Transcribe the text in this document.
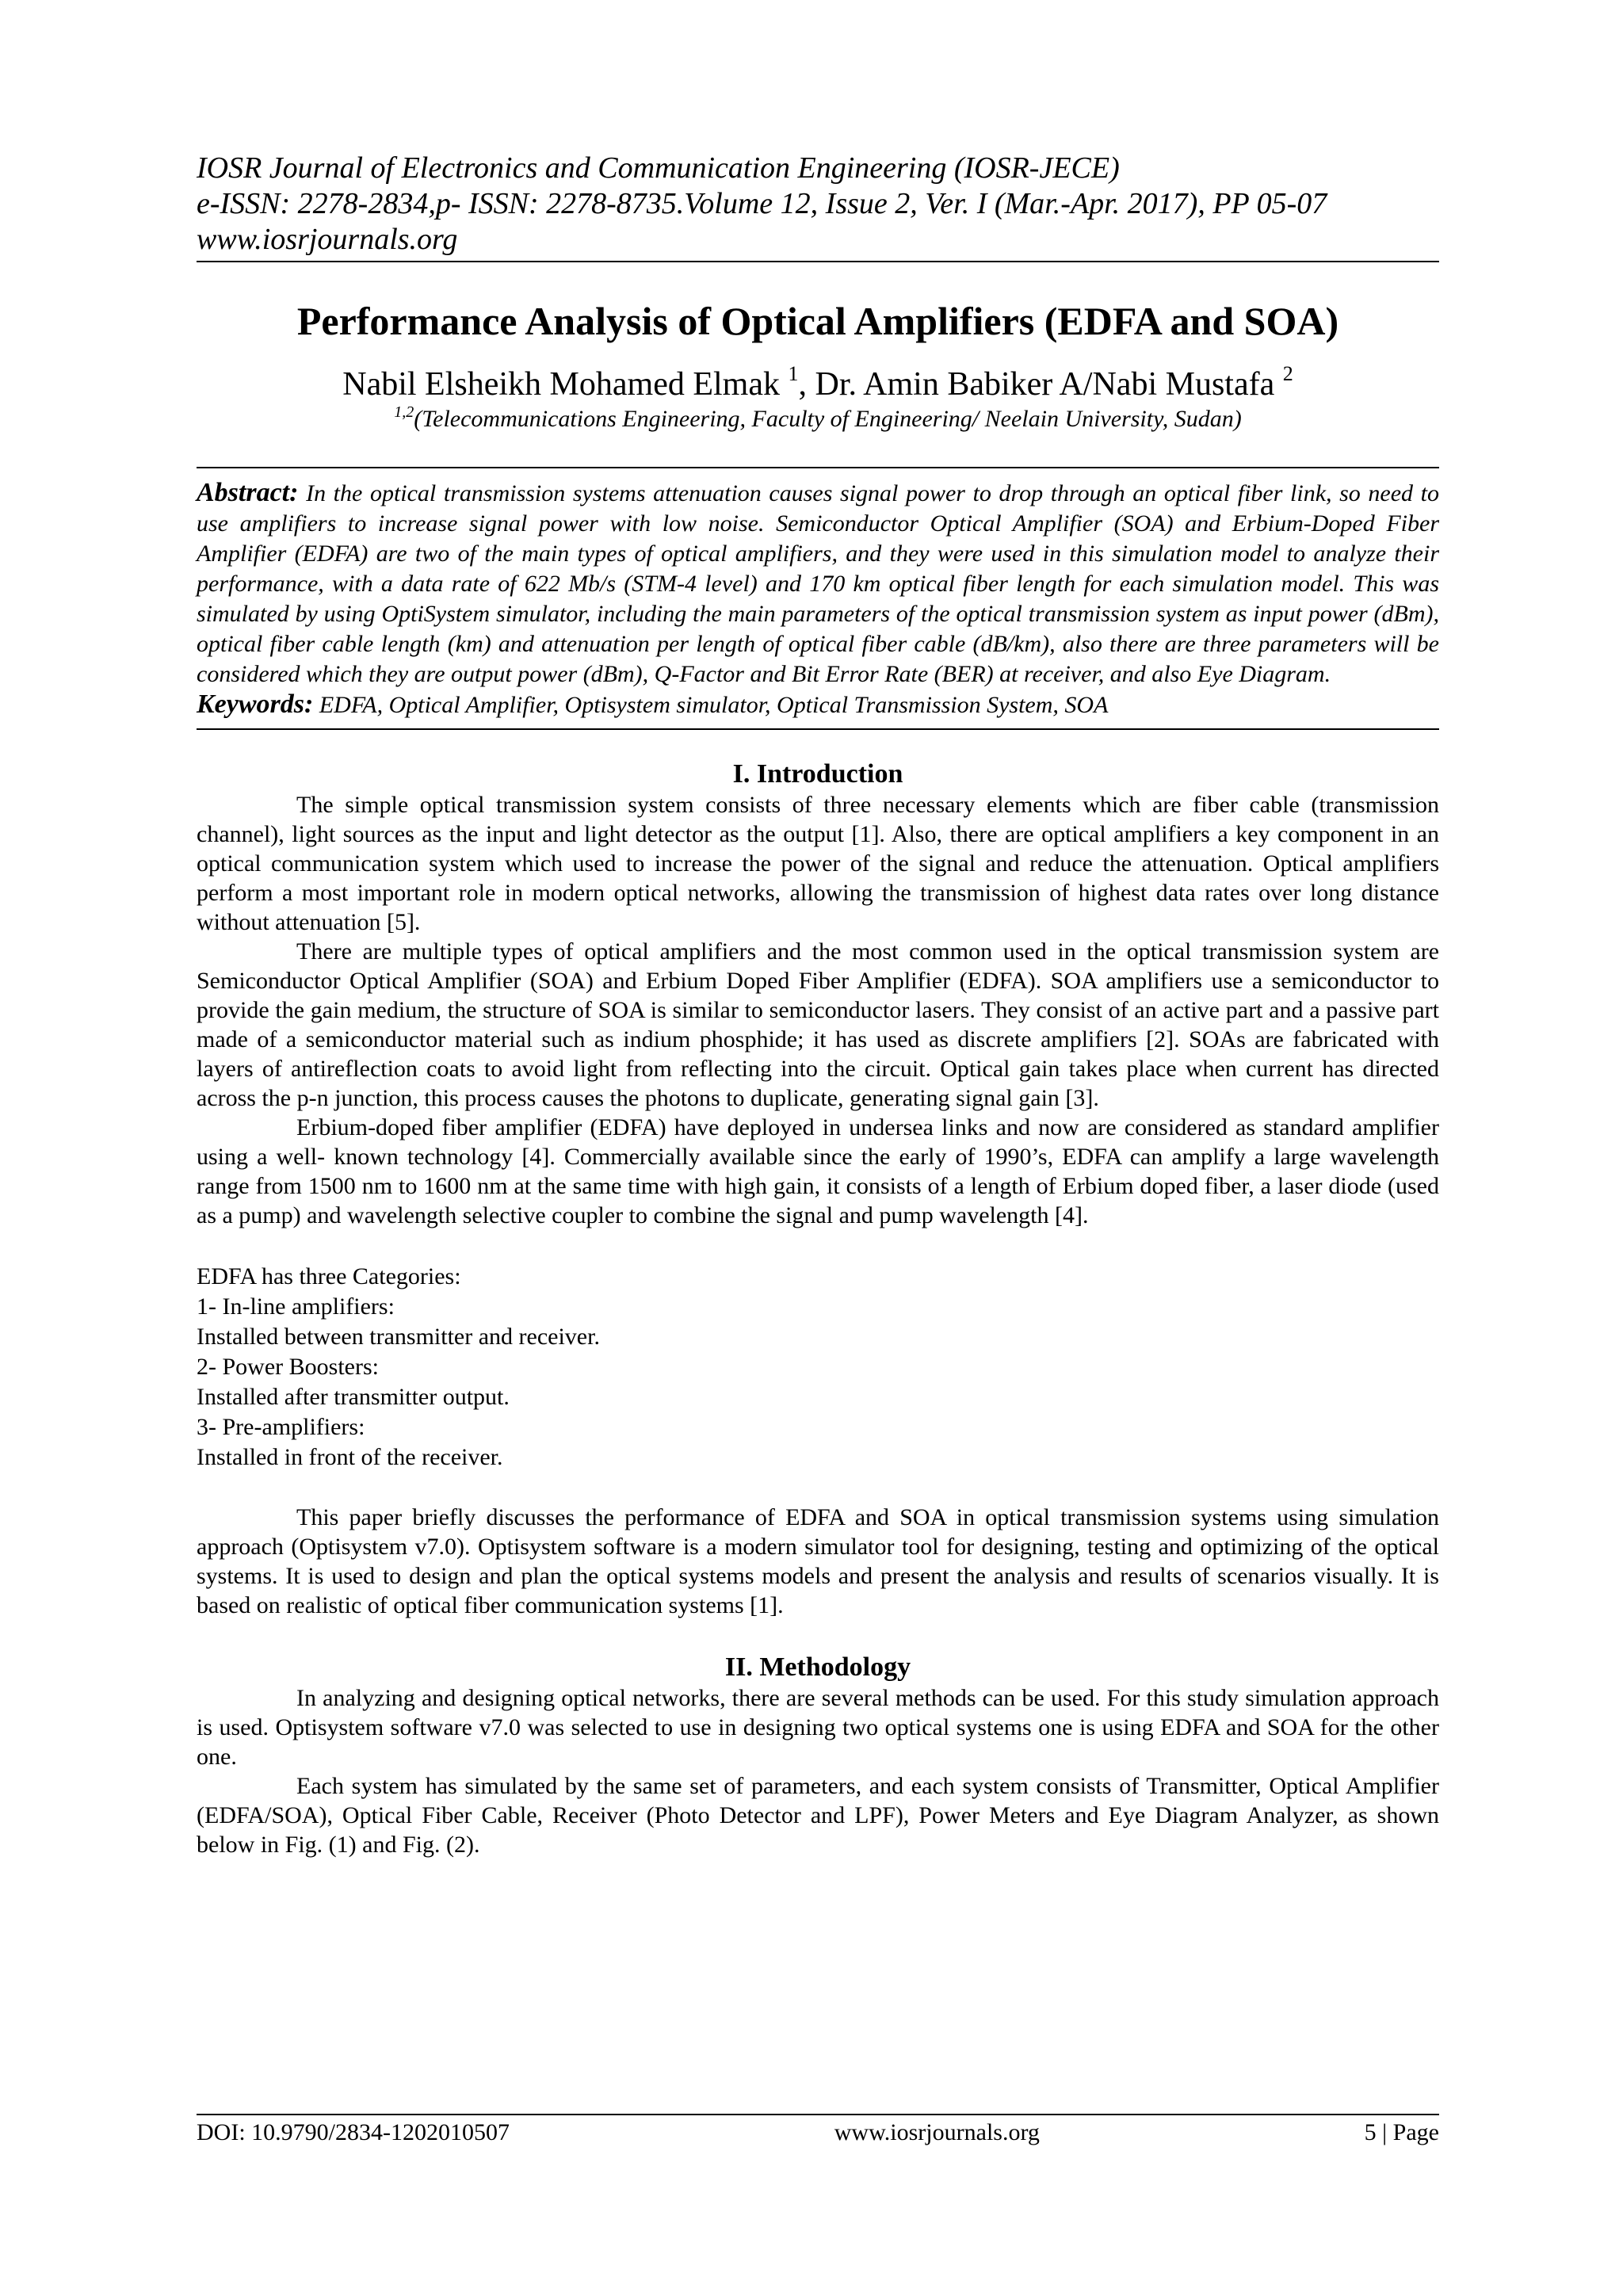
IOSR Journal of Electronics and Communication Engineering (IOSR-JECE)
e-ISSN: 2278-2834,p- ISSN: 2278-8735.Volume 12, Issue 2, Ver. I (Mar.-Apr. 2017), PP 05-07
www.iosrjournals.org
Performance Analysis of Optical Amplifiers (EDFA and SOA)
Nabil Elsheikh Mohamed Elmak $^1$, Dr. Amin Babiker A/Nabi Mustafa $^2$
$^{1,2}$(Telecommunications Engineering, Faculty of Engineering/ Neelain University, Sudan)

Abstract: In the optical transmission systems attenuation causes signal power to drop through an optical fiber link, so need to use amplifiers to increase signal power with low noise. Semiconductor Optical Amplifier (SOA) and Erbium-Doped Fiber Amplifier (EDFA) are two of the main types of optical amplifiers, and they were used in this simulation model to analyze their performance, with a data rate of 622 Mb/s (STM-4 level) and 170 km optical fiber length for each simulation model. This was simulated by using OptiSystem simulator, including the main parameters of the optical transmission system as input power (dBm), optical fiber cable length (km) and attenuation per length of optical fiber cable (dB/km), also there are three parameters will be considered which they are output power (dBm), Q-Factor and Bit Error Rate (BER) at receiver, and also Eye Diagram.

Keywords: EDFA, Optical Amplifier, Optisystem simulator, Optical Transmission System, SOA

I. Introduction

The simple optical transmission system consists of three necessary elements which are fiber cable (transmission channel), light sources as the input and light detector as the output [1]. Also, there are optical amplifiers a key component in an optical communication system which used to increase the power of the signal and reduce the attenuation. Optical amplifiers perform a most important role in modern optical networks, allowing the transmission of highest data rates over long distance without attenuation [5].

There are multiple types of optical amplifiers and the most common used in the optical transmission system are Semiconductor Optical Amplifier (SOA) and Erbium Doped Fiber Amplifier (EDFA). SOA amplifiers use a semiconductor to provide the gain medium, the structure of SOA is similar to semiconductor lasers. They consist of an active part and a passive part made of a semiconductor material such as indium phosphide; it has used as discrete amplifiers [2]. SOAs are fabricated with layers of antireflection coats to avoid light from reflecting into the circuit. Optical gain takes place when current has directed across the p-n junction, this process causes the photons to duplicate, generating signal gain [3].

Erbium-doped fiber amplifier (EDFA) have deployed in undersea links and now are considered as standard amplifier using a well- known technology [4]. Commercially available since the early of 1990’s, EDFA can amplify a large wavelength range from 1500 nm to 1600 nm at the same time with high gain, it consists of a length of Erbium doped fiber, a laser diode (used as a pump) and wavelength selective coupler to combine the signal and pump wavelength [4].

EDFA has three Categories:
1- In-line amplifiers:
Installed between transmitter and receiver.
2- Power Boosters:
Installed after transmitter output.
3- Pre-amplifiers:
Installed in front of the receiver.

This paper briefly discusses the performance of EDFA and SOA in optical transmission systems using simulation approach (Optisystem v7.0). Optisystem software is a modern simulator tool for designing, testing and optimizing of the optical systems. It is used to design and plan the optical systems models and present the analysis and results of scenarios visually. It is based on realistic of optical fiber communication systems [1].

II. Methodology

In analyzing and designing optical networks, there are several methods can be used. For this study simulation approach is used. Optisystem software v7.0 was selected to use in designing two optical systems one is using EDFA and SOA for the other one.

Each system has simulated by the same set of parameters, and each system consists of Transmitter, Optical Amplifier (EDFA/SOA), Optical Fiber Cable, Receiver (Photo Detector and LPF), Power Meters and Eye Diagram Analyzer, as shown below in Fig. (1) and Fig. (2).

DOI: 10.9790/2834-1202010507	www.iosrjournals.org	5 | Page
